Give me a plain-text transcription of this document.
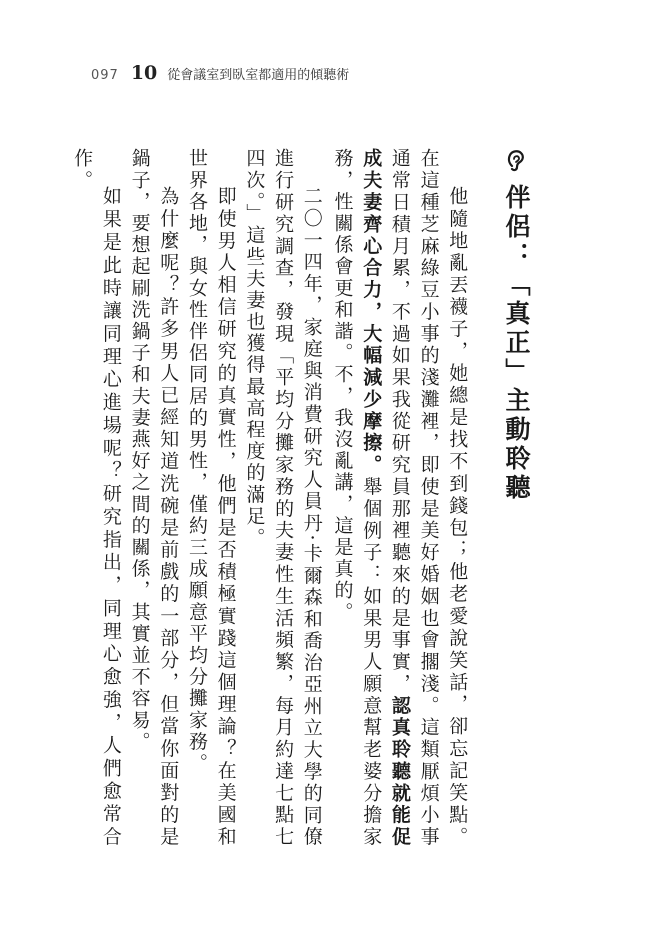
097 10 從會議室到臥室都適用的傾聽術
伴侶：「真正」主動聆聽

他隨地亂丟襪子，她總是找不到錢包；他老愛說笑話，卻忘記笑點。在這種芝麻綠豆小事的淺灘裡，即使是美好婚姻也會擱淺。這類厭煩小事通常日積月累，不過如果我從研究員那裡聽來的是事實，認真聆聽就能促成夫妻齊心合力，大幅減少摩擦。舉個例子：如果男人願意幫老婆分擔家務，性關係會更和諧。不，我沒亂講，這是真的。

二〇一四年，家庭與消費研究人員丹·卡爾森和喬治亞州立大學的同僚進行研究調查，發現「平均分攤家務的夫妻性生活頻繁，每月約達七點七四次。」這些夫妻也獲得最高程度的滿足。

即使男人相信研究的真實性，他們是否積極實踐這個理論？在美國和世界各地，與女性伴侶同居的男性，僅約三成願意平均分攤家務。

為什麼呢？許多男人已經知道洗碗是前戲的一部分，但當你面對的是鍋子，要想起刷洗鍋子和夫妻燕好之間的關係，其實並不容易。

如果是此時讓同理心進場呢？研究指出，同理心愈強，人們愈常合作。
